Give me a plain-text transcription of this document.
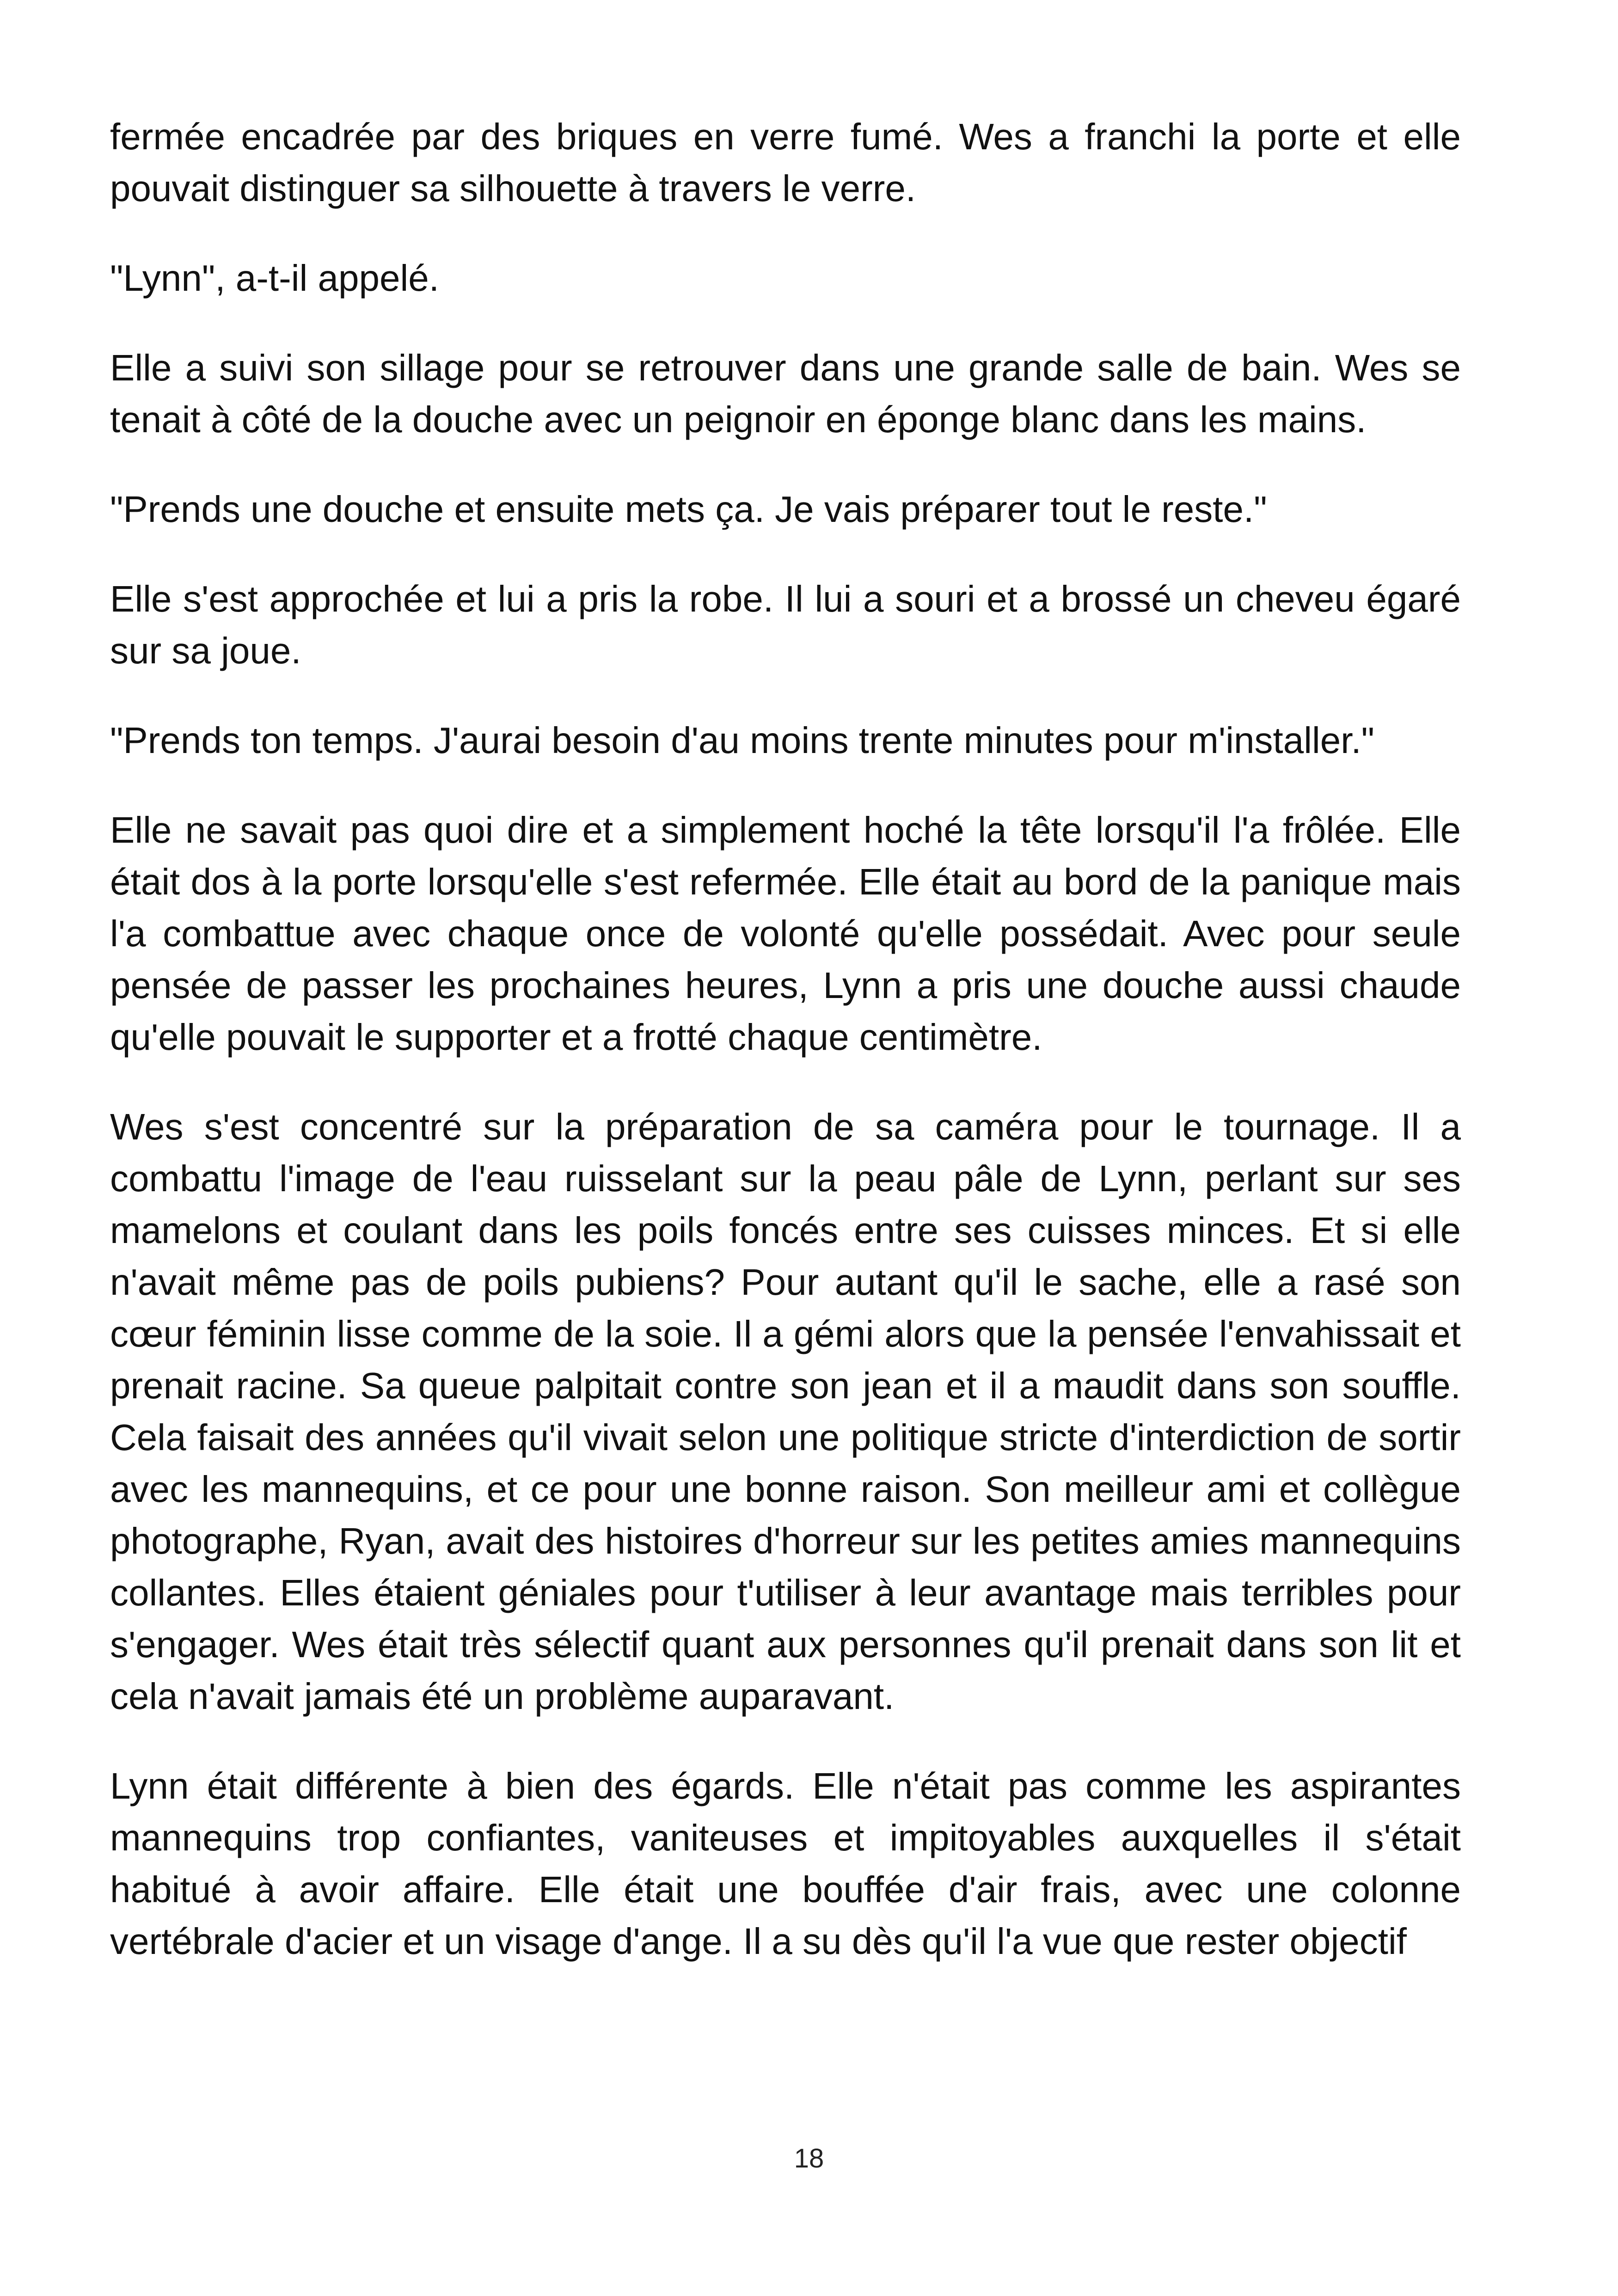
fermée encadrée par des briques en verre fumé. Wes a franchi la porte et elle pouvait distinguer sa silhouette à travers le verre.

"Lynn", a-t-il appelé.

Elle a suivi son sillage pour se retrouver dans une grande salle de bain. Wes se tenait à côté de la douche avec un peignoir en éponge blanc dans les mains.

"Prends une douche et ensuite mets ça. Je vais préparer tout le reste."

Elle s'est approchée et lui a pris la robe. Il lui a souri et a brossé un cheveu égaré sur sa joue.

"Prends ton temps. J'aurai besoin d'au moins trente minutes pour m'installer."

Elle ne savait pas quoi dire et a simplement hoché la tête lorsqu'il l'a frôlée. Elle était dos à la porte lorsqu'elle s'est refermée. Elle était au bord de la panique mais l'a combattue avec chaque once de volonté qu'elle possédait. Avec pour seule pensée de passer les prochaines heures, Lynn a pris une douche aussi chaude qu'elle pouvait le supporter et a frotté chaque centimètre.

Wes s'est concentré sur la préparation de sa caméra pour le tournage. Il a combattu l'image de l'eau ruisselant sur la peau pâle de Lynn, perlant sur ses mamelons et coulant dans les poils foncés entre ses cuisses minces. Et si elle n'avait même pas de poils pubiens? Pour autant qu'il le sache, elle a rasé son cœur féminin lisse comme de la soie. Il a gémi alors que la pensée l'envahissait et prenait racine. Sa queue palpitait contre son jean et il a maudit dans son souffle. Cela faisait des années qu'il vivait selon une politique stricte d'interdiction de sortir avec les mannequins, et ce pour une bonne raison. Son meilleur ami et collègue photographe, Ryan, avait des histoires d'horreur sur les petites amies mannequins collantes. Elles étaient géniales pour t'utiliser à leur avantage mais terribles pour s'engager. Wes était très sélectif quant aux personnes qu'il prenait dans son lit et cela n'avait jamais été un problème auparavant.

Lynn était différente à bien des égards. Elle n'était pas comme les aspirantes mannequins trop confiantes, vaniteuses et impitoyables auxquelles il s'était habitué à avoir affaire. Elle était une bouffée d'air frais, avec une colonne vertébrale d'acier et un visage d'ange. Il a su dès qu'il l'a vue que rester objectif

18
